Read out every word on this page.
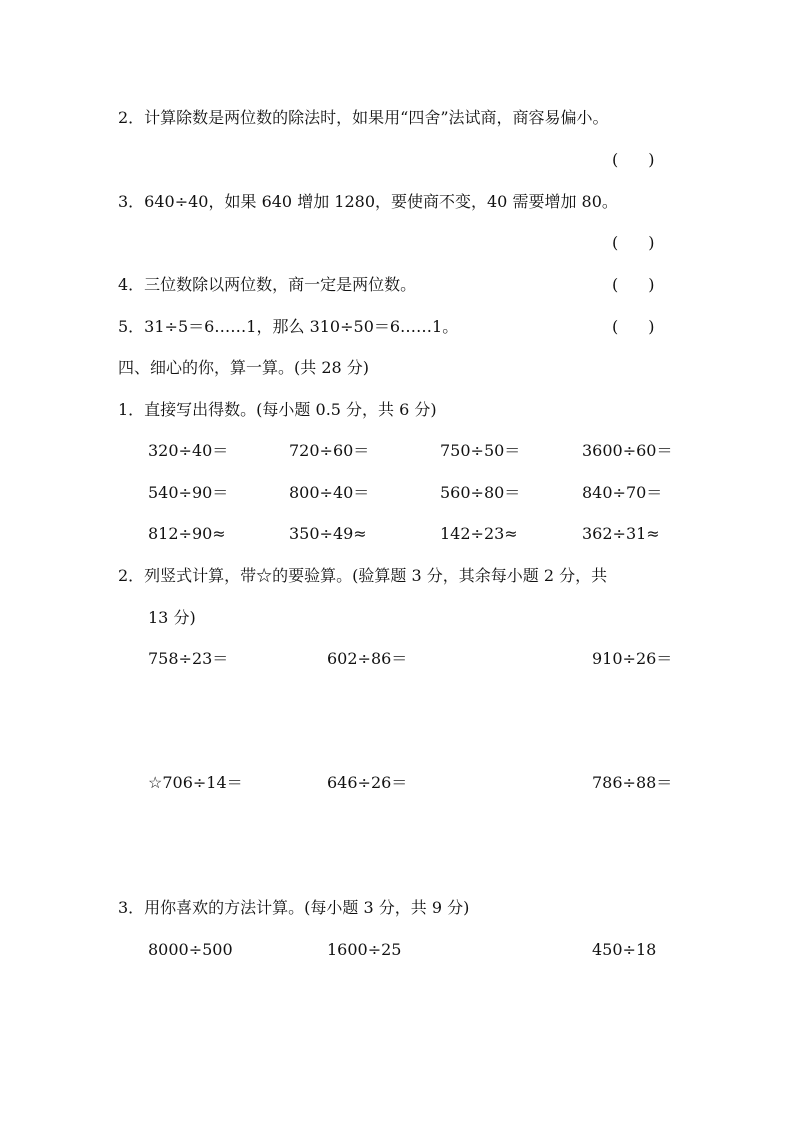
2．计算除数是两位数的除法时，如果用“四舍”法试商，商容易偏小。
( )
3．640÷40，如果 640 增加 1280，要使商不变，40 需要增加 80。
( )
4．三位数除以两位数，商一定是两位数。	( )
5．31÷5＝6……1，那么 310÷50＝6……1。	( )
四、细心的你，算一算。(共 28 分)
1．直接写出得数。(每小题 0.5 分，共 6 分)
320÷40＝	720÷60＝	750÷50＝	3600÷60＝
540÷90＝	800÷40＝	560÷80＝	840÷70＝
812÷90≈	350÷49≈	142÷23≈	362÷31≈
2．列竖式计算，带☆的要验算。(验算题 3 分，其余每小题 2 分，共
13 分)
758÷23＝	602÷86＝	910÷26＝
☆706÷14＝	646÷26＝	786÷88＝
3．用你喜欢的方法计算。(每小题 3 分，共 9 分)
8000÷500	1600÷25	450÷18
